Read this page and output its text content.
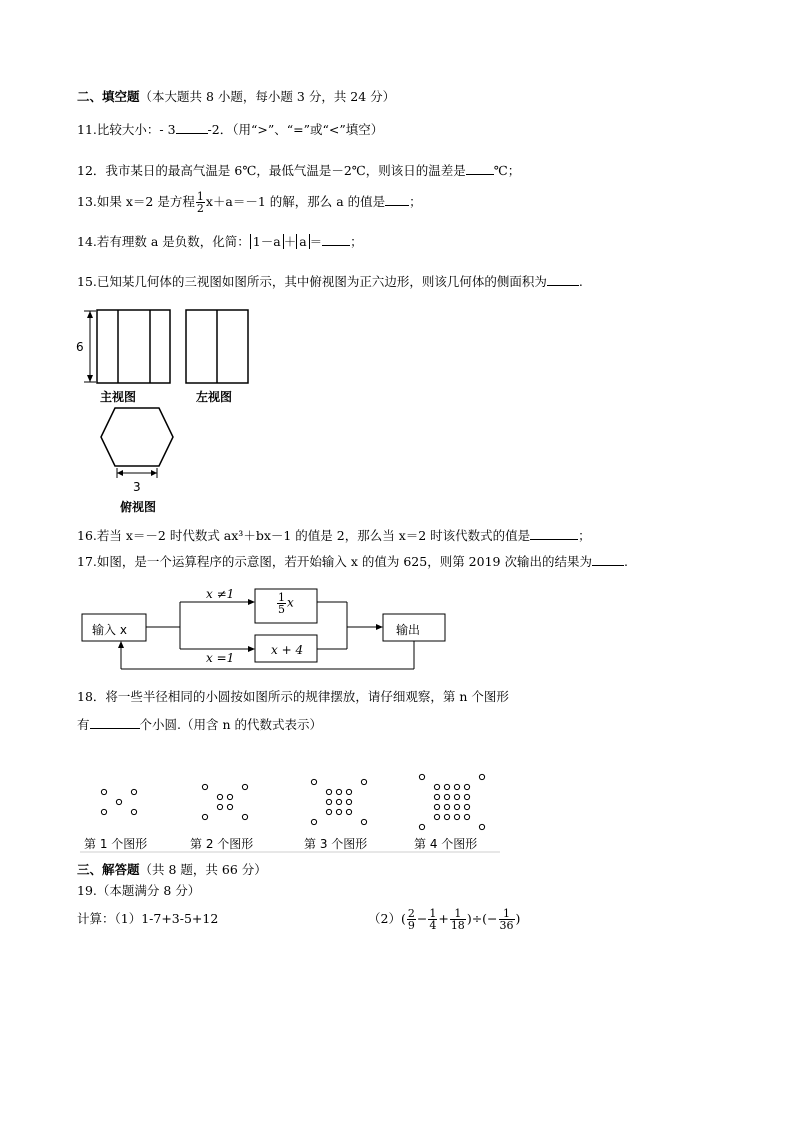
二、填空题（本大题共 8 小题，每小题 3 分，共 24 分）
11.比较大小：- 3	-2．（用“>”、“=”或“<”填空）
12．我市某日的最高气温是 6℃，最低气温是－2℃，则该日的温差是 ℃；
13.如果 x＝2 是方程 $\frac{1}{2} x+a=-1$ 的解，那么 a 的值是 ；
14.若有理数 a 是负数，化简： 1－a ＋ a ＝ ；
15.已知某几何体的三视图如图所示，其中俯视图为正六边形，则该几何体的侧面积为	.
6
3
主视图	左视图
俯视图
16.若当 x＝－2 时代数式 ax³＋bx－1 的值是 2，那么当 x＝2 时该代数式的值是	；
17.如图，是一个运算程序的示意图，若开始输入 x 的值为 625，则第 2019 次输出的结果为	.
输入 x
x ≠1
x =1
$\frac{1}{5}$ x
x + 4
输出
18．将一些半径相同的小圆按如图所示的规律摆放，请仔细观察，第 n 个图形
有	个小圆.（用含 n 的代数式表示）
第 1 个图形	第 2 个图形	第 3 个图形	第 4 个图形
三、解答题（共 8 题，共 66 分）
19.（本题满分 8 分）
计算：（1）1-7+3-5+12	$(2)( \frac{2}{9} - \frac{1}{4} + \frac{1}{18}$ )÷(− $\frac{1}{36}$ )
